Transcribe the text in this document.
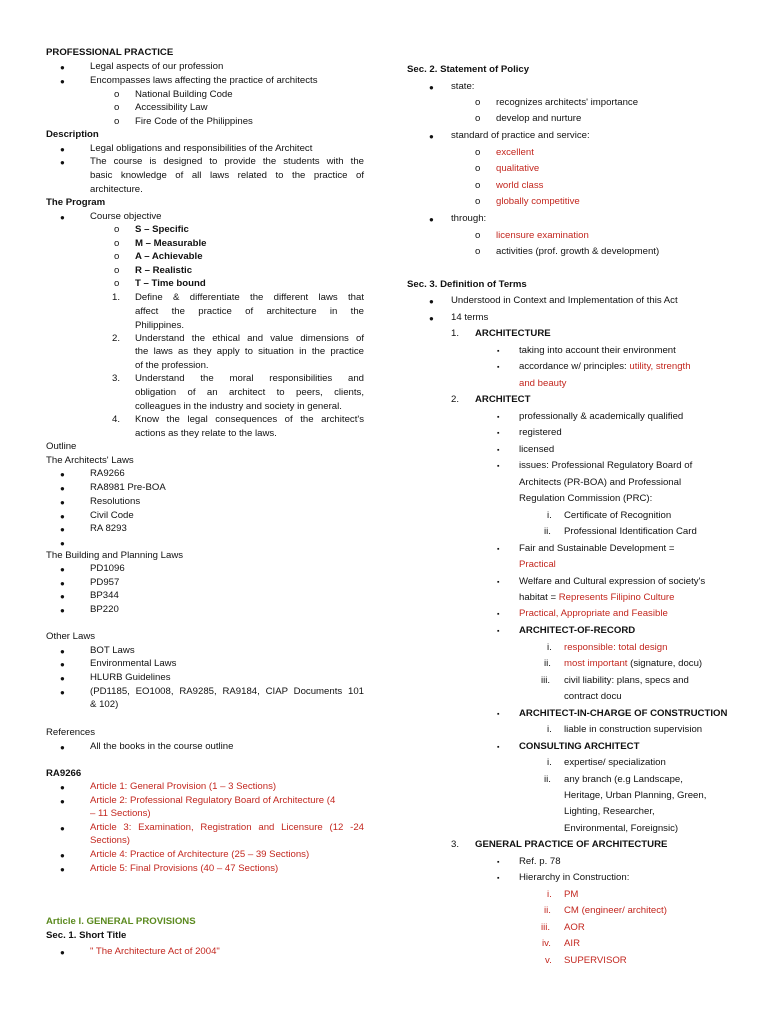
PROFESSIONAL PRACTICE
●	Legal aspects of our profession
●	Encompasses laws affecting the practice of architects
o National Building Code
o Accessibility Law
o Fire Code of the Philippines
Description
●	Legal obligations and responsibilities of the Architect
●	The course is designed to provide the students with the
basic knowledge of all laws related to the practice of
architecture.
The Program
●	Course objective
o S – Specific
o M – Measurable
o A – Achievable
o R – Realistic
o T – Time bound
1. Define & differentiate the different laws that
affect the practice of architecture in the
Philippines.
2. Understand the ethical and value dimensions of
the laws as they apply to situation in the practice
of the profession.
3. Understand the moral responsibilities and
obligation of an architect to peers, clients,
colleagues in the industry and society in general.
4. Know the legal consequences of the architect's
actions as they relate to the laws.
Outline
The Architects' Laws
●	RA9266
●	RA8981 Pre-BOA
●	Resolutions
●	Civil Code
●	RA 8293
●
The Building and Planning Laws
●	PD1096
●	PD957
●	BP344
●	BP220
Other Laws
●	BOT Laws
●	Environmental Laws
●	HLURB Guidelines
●	(PD1185, EO1008, RA9285, RA9184, CIAP Documents 101
& 102)
References
●	All the books in the course outline
RA9266
●	Article 1: General Provision (1 – 3 Sections)
●	Article 2: Professional Regulatory Board of Architecture (4
– 11 Sections)
●	Article 3: Examination, Registration and Licensure (12 -24
Sections)
●	Article 4: Practice of Architecture (25 – 39 Sections)
●	Article 5: Final Provisions (40 – 47 Sections)
Article I. GENERAL PROVISIONS
Sec. 1. Short Title
●	" The Architecture Act of 2004"
Sec. 2. Statement of Policy
● state:
o recognizes architects' importance
o develop and nurture
● standard of practice and service:
o excellent
o qualitative
o world class
o globally competitive
● through:
o licensure examination
o activities (prof. growth & development)
Sec. 3. Definition of Terms
● Understood in Context and Implementation of this Act
● 14 terms
1. ARCHITECTURE
▪ taking into account their environment
▪ accordance w/ principles: utility, strength
and beauty
2. ARCHITECT
▪ professionally & academically qualified
▪ registered
▪ licensed
▪ issues: Professional Regulatory Board of
Architects (PR-BOA) and Professional
Regulation Commission (PRC):
i. Certificate of Recognition
ii. Professional Identification Card
▪ Fair and Sustainable Development =
Practical
▪ Welfare and Cultural expression of society's
habitat = Represents Filipino Culture
▪ Practical, Appropriate and Feasible
▪ ARCHITECT-OF-RECORD
i. responsible: total design
ii. most important (signature, docu)
iii. civil liability: plans, specs and
contract docu
▪ ARCHITECT-IN-CHARGE OF CONSTRUCTION
i. liable in construction supervision
▪ CONSULTING ARCHITECT
i. expertise/ specialization
ii. any branch (e.g Landscape,
Heritage, Urban Planning, Green,
Lighting, Researcher,
Environmental, Foreignsic)
3. GENERAL PRACTICE OF ARCHITECTURE
▪ Ref. p. 78
▪ Hierarchy in Construction:
i. PM
ii. CM (engineer/ architect)
iii. AOR
iv. AIR
v. SUPERVISOR
